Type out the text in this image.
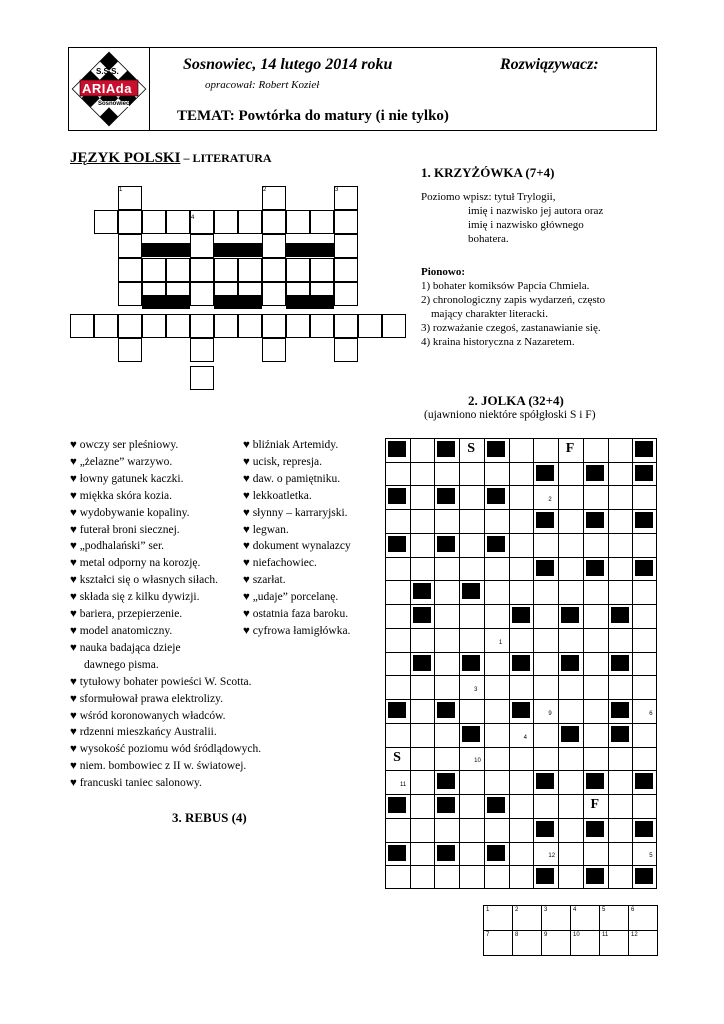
S.S.S.
ARIAda
Sosnowiec
Sosnowiec, 14 lutego 2014 roku	Rozwiązywacz:
opracował: Robert Kozieł
TEMAT: Powtórka do matury (i nie tylko)
JĘZYK POLSKI – LITERATURA
1	2	3
4
1. KRZYŻÓWKA (7+4)
Poziomo wpisz: tytuł Trylogii,
imię i nazwisko jej autora oraz
imię i nazwisko głównego
bohatera.
Pionowo:
1) bohater komiksów Papcia Chmiela.
2) chronologiczny zapis wydarzeń, często
mający charakter literacki.
3) rozważanie czegoś, zastanawianie się.
4) kraina historyczna z Nazaretem.
2. JOLKA (32+4)
(ujawniono niektóre spółgłoski S i F)
S	F
S
F
7
2
8
1
3
9	6
4
10
11
12	5
♥ owczy ser pleśniowy.
♥ „żelazne” warzywo.
♥ łowny gatunek kaczki.
♥ miękka skóra kozia.
♥ wydobywanie kopaliny.
♥ futerał broni siecznej.
♥ „podhalański” ser.
♥ metal odporny na korozję.
♥ kształci się o własnych siłach.
♥ składa się z kilku dywizji.
♥ bariera, przepierzenie.
♥ model anatomiczny.
♥ nauka badająca dzieje
dawnego pisma.
♥ tytułowy bohater powieści W. Scotta.
♥ sformułował prawa elektrolizy.
♥ wśród koronowanych władców.
♥ rdzenni mieszkańcy Australii.
♥ wysokość poziomu wód śródlądowych.
♥ niem. bombowiec z II w. światowej.
♥ francuski taniec salonowy.
♥ bliźniak Artemidy.
♥ ucisk, represja.
♥ daw. o pamiętniku.
♥ lekkoatletka.
♥ słynny – karraryjski.
♥ legwan.
♥ dokument wynalazcy
♥ niefachowiec.
♥ szarłat.
♥ „udaje” porcelanę.
♥ ostatnia faza baroku.
♥ cyfrowa łamigłówka.
3. REBUS (4)
1	2	3	4	5	6
7	8	9	10	11	12
